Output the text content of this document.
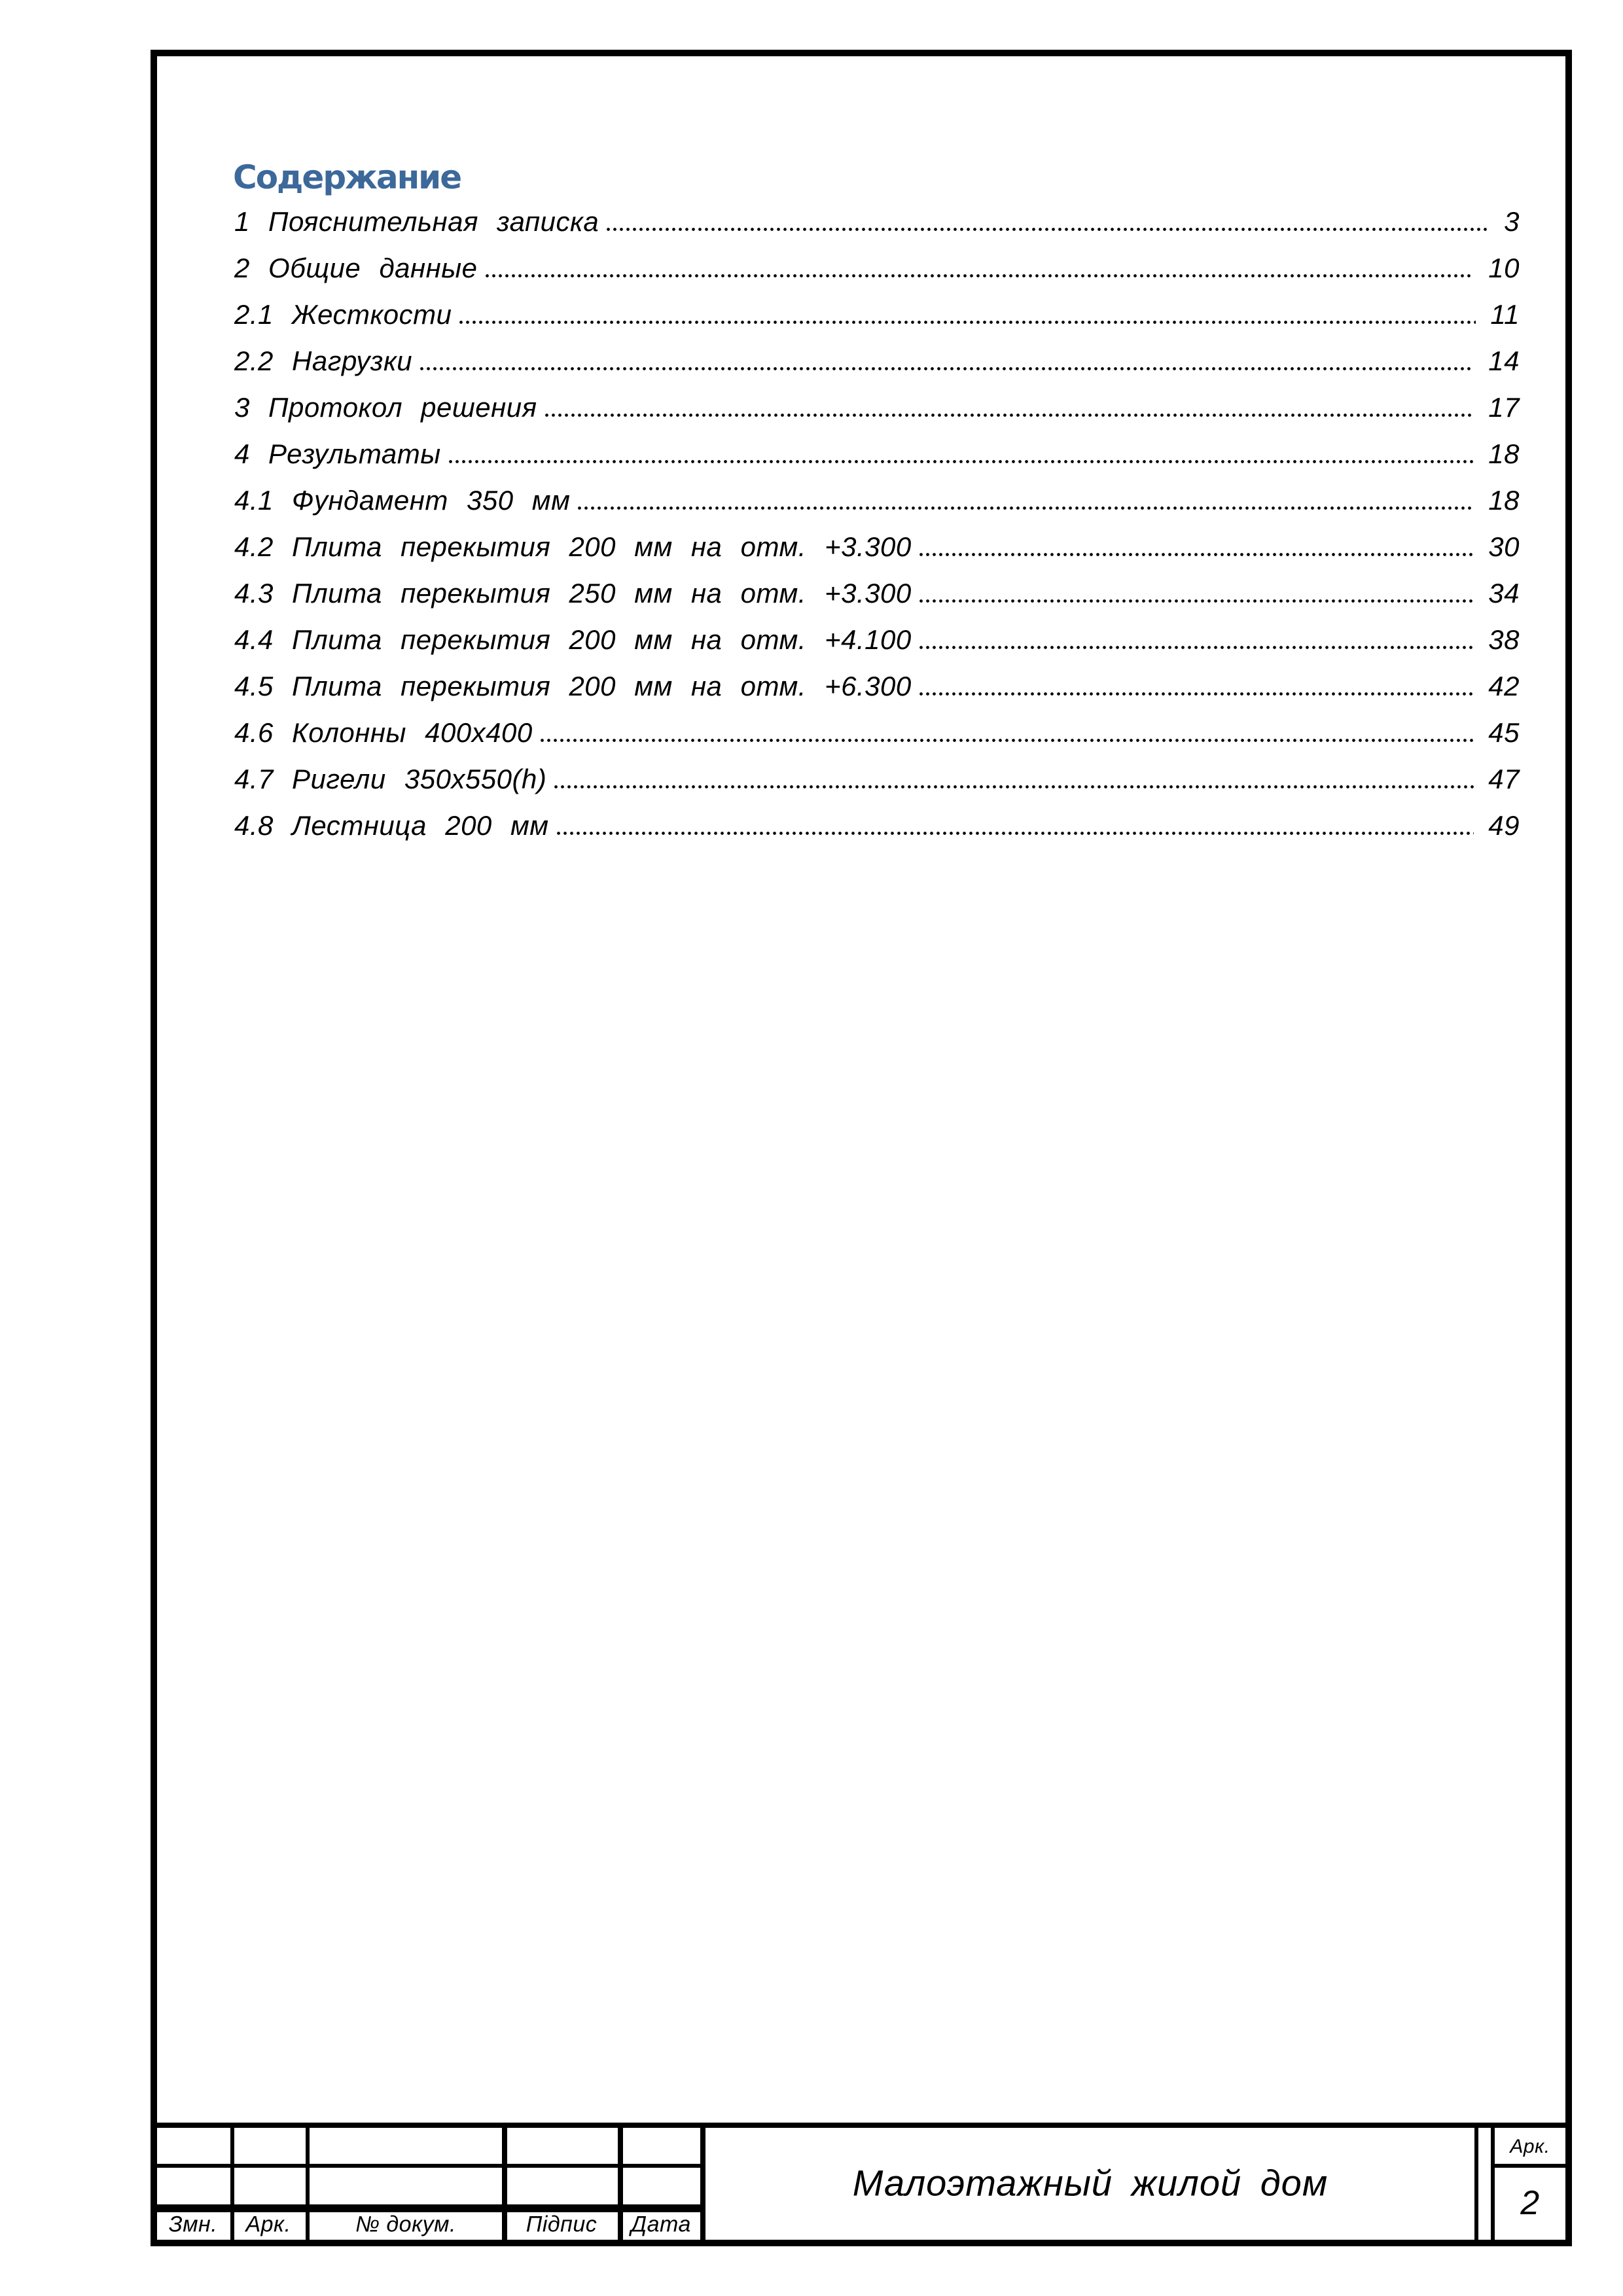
Содержание
1 Пояснительная записка	3
2 Общие данные	10
2.1 Жесткости	11
2.2 Нагрузки	14
3 Протокол решения	17
4 Результаты	18
4.1 Фундамент 350 мм	18
4.2 Плита перекытия 200 мм на отм. +3.300	30
4.3 Плита перекытия 250 мм на отм. +3.300	34
4.4 Плита перекытия 200 мм на отм. +4.100	38
4.5 Плита перекытия 200 мм на отм. +6.300	42
4.6 Колонны 400х400	45
4.7 Ригели 350х550(h)	47
4.8 Лестница 200 мм	49
Змн. Арк.	№ докум.	Підпис Дата
Малоэтажный жилой дом
Арк.
2
